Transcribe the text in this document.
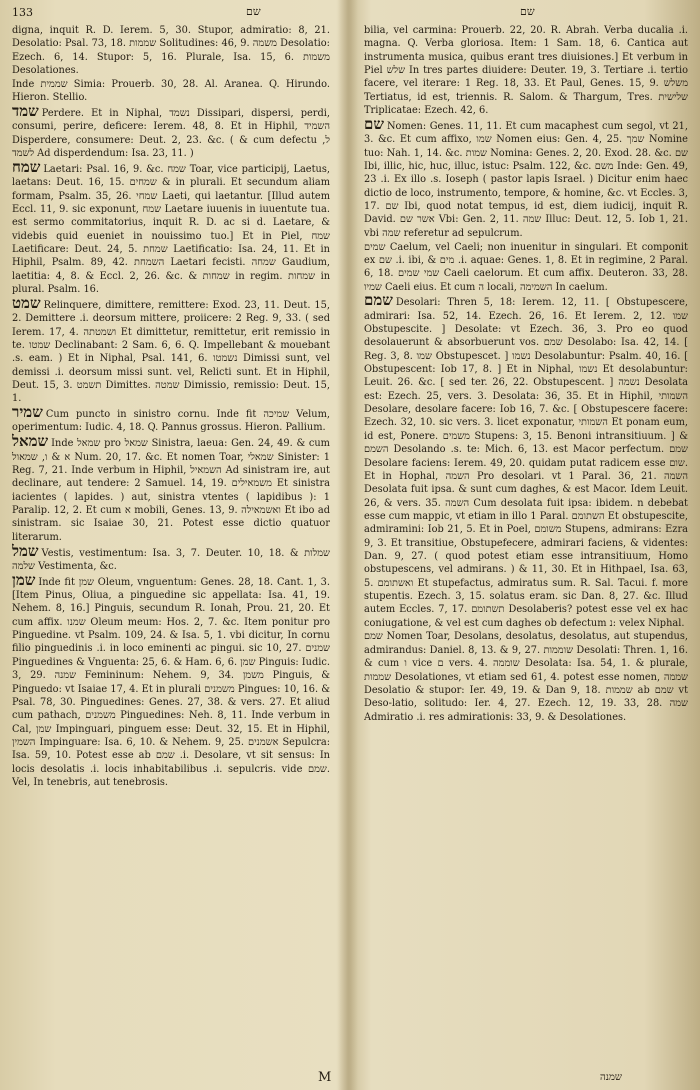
133	שם	שם

digna, inquit R. D. Ierem. 5, 30. Stupor, admiratio: 8, 21. Desolatio: Psal. 73, 18. שממות Solitudines: 46, 9. משמה Desolatio: Ezech. 6, 14. Stupor: 5, 16. Plurale, Isa. 15, 6. משמות Desolationes.

Inde שממית Simia: Prouerb. 30, 28. Al. Aranea. Q. Hirundo. Hieron. Stellio.

שמד Perdere. Et in Niphal, נשמד Dissipari, dispersi, perdi, consumi, perire, deficere: Ierem. 48, 8. Et in Hiphil, השמיד Disperdere, consumere: Deut. 2, 23. &c. ( & cum defectu ל, לשמד Ad disperdendum: Isa. 23, 11. )

שמח Laetari: Psal. 16, 9. &c. שמח Toar, vice participij, Laetus, laetans: Deut. 16, 15. שמחים & in plurali. Et secundum aliam formam, Psalm. 35, 26. שמחי Laeti, qui laetantur. [Illud autem Eccl. 11, 9. sic exponunt, שמח Laetare iuuenis in iuuentute tua. est sermo commitatorius, inquit R. D. ac si d. Laetare, & videbis quid eueniet in nouissimo tuo.] Et in Piel, שמח Laetificare: Deut. 24, 5. שמחת Laetificatio: Isa. 24, 11. Et in Hiphil, Psalm. 89, 42. השמחת Laetari fecisti. שמחה Gaudium, laetitia: 4, 8. & Eccl. 2, 26. &c. & שמחות in regim. שמחות in plural. Psalm. 16.

שמט Relinquere, dimittere, remittere: Exod. 23, 11. Deut. 15, 2. Demittere .i. deorsum mittere, proiicere: 2 Reg. 9, 33. ( sed Ierem. 17, 4. ושמטתה Et dimittetur, remittetur, erit remissio in te. שמטו Declinabant: 2 Sam. 6, 6. Q. Impellebant & mouebant .s. eam. ) Et in Niphal, Psal. 141, 6. נשמטו Dimissi sunt, vel demissi .i. deorsum missi sunt. vel, Relicti sunt. Et in Hiphil, Deut. 15, 3. תשמט Dimittes. שמטה Dimissio, remissio: Deut. 15, 1.

שמיר Cum puncto in sinistro cornu. Inde fit שמיכה Velum, operimentum: Iudic. 4, 18. Q. Pannus grossus. Hieron. Pallium.

שמאל Inde שמאל pro שמאל Sinistra, laeua: Gen. 24, 49. & cum א & ו, שמאול Num. 20, 17. &c. Et nomen Toar, שמאלי Sinister: 1 Reg. 7, 21. Inde verbum in Hiphil, השמאיל Ad sinistram ire, aut declinare, aut tendere: 2 Samuel. 14, 19. משמאילים Et sinistra iacientes ( lapides. ) aut, sinistra vtentes ( lapidibus ): 1 Paralip. 12, 2. Et cum א mobili, Genes. 13, 9. ואשמאילה Et ibo ad sinistram. sic Isaiae 30, 21. Potest esse dictio quatuor literarum.

שמל Vestis, vestimentum: Isa. 3, 7. Deuter. 10, 18. שמלות & שלמה Vestimenta, &c.

שמן Inde fit שמן Oleum, vnguentum: Genes. 28, 18. Cant. 1, 3. [Item Pinus, Oliua, a pinguedine sic appellata: Isa. 41, 19. Nehem. 8, 16.] Pinguis, secundum R. Ionah, Prou. 21, 20. Et cum affix. שמנו Oleum meum: Hos. 2, 7. &c. Item ponitur pro Pinguedine. vt Psalm. 109, 24. & Isa. 5, 1. vbi dicitur, In cornu filio pinguedinis .i. in loco eminenti ac pingui. sic 10, 27. שמנים Pinguedines & Vnguenta: 25, 6. & Ham. 6, 6. שמן Pinguis: Iudic. 3, 29. שמנה Femininum: Nehem. 9, 34. משמן Pinguis, & Pinguedo: vt Isaiae 17, 4. Et in plurali משמנים Pingues: 10, 16. & Psal. 78, 30. Pinguedines: Genes. 27, 38. & vers. 27. Et aliud cum pathach, משמנים Pinguedines: Neh. 8, 11. Inde verbum in Cal, שמן Impinguari, pinguem esse: Deut. 32, 15. Et in Hiphil, השמין Impinguare: Isa. 6, 10. & Nehem. 9, 25. אשמנים Sepulcra: Isa. 59, 10. Potest esse ab שמם .i. Desolare, vt sit sensus: In locis desolatis .i. locis inhabitabilibus .i. sepulcris. vide שמם. Vel, In tenebris, aut tenebrosis.

bilia, vel carmina: Prouerb. 22, 20. R. Abrah. Verba ducalia .i. magna. Q. Verba gloriosa. Item: 1 Sam. 18, 6. Cantica aut instrumenta musica, quibus erant tres diuisiones.] Et verbum in Piel שלש In tres partes diuidere: Deuter. 19, 3. Tertiare .i. tertio facere, vel iterare: 1 Reg. 18, 33. Et Paul, Genes. 15, 9. משלש Tertiatus, id est, triennis. R. Salom. & Thargum, Tres. שלישית Triplicatae: Ezech. 42, 6.

שם Nomen: Genes. 11, 11. Et cum macaphest cum segol, vt 21, 3. &c. Et cum affixo, שמו Nomen eius: Gen. 4, 25. שמך Nomine tuo: Nah. 1, 14. &c. שמות Nomina: Genes. 2, 20. Exod. 28. &c. שם Ibi, illic, hic, huc, illuc, istuc: Psalm. 122, &c. משם Inde: Gen. 49, 23 .i. Ex illo .s. Ioseph ( pastor lapis Israel. ) Dicitur enim haec dictio de loco, instrumento, tempore, & homine, &c. vt Eccles. 3, 17. שם Ibi, quod notat tempus, id est, diem iudicij, inquit R. David. אשר שם Vbi: Gen. 2, 11. שמה Illuc: Deut. 12, 5. Iob 1, 21. vbi שמה referetur ad sepulcrum.

שמים Caelum, vel Caeli; non inuenitur in singulari. Et componit ex שם .i. ibi, & מים .i. aquae: Genes. 1, 8. Et in regimine, 2 Paral. 6, 18. שמי שמים Caeli caelorum. Et cum affix. Deuteron. 33, 28. שמיו Caeli eius. Et cum ה locali, השמימה In caelum.

שמם Desolari: Thren 5, 18: Ierem. 12, 11. [ Obstupescere, admirari: Isa. 52, 14. Ezech. 26, 16. Et Ierem. 2, 12. שמו Obstupescite. ] Desolate: vt Ezech. 36, 3. Pro eo quod desolauerunt & absorbuerunt vos. שמם Desolabo: Isa. 42, 14. [ Reg. 3, 8. שמו Obstupescet. ] נשמו Desolabuntur: Psalm. 40, 16. [ Obstupescent: Iob 17, 8. ] Et in Niphal, נשמו Et desolabuntur: Leuit. 26. &c. [ sed ter. 26, 22. Obstupescent. ] נשמה Desolata est: Ezech. 25, vers. 3. Desolata: 36, 35. Et in Hiphil, השמותי Desolare, desolare facere: Iob 16, 7. &c. [ Obstupescere facere: Ezech. 32, 10. sic vers. 3. licet exponatur, השמותי Et ponam eum, id est, Ponere. משמים Stupens: 3, 15. Benoni intransitiuum. ] & השמם Desolando .s. te: Mich. 6, 13. est Macor perfectum. שמם Desolare faciens: Ierem. 49, 20. quidam putat radicem esse שום. Et in Hophal, השמה Pro desolari. vt 1 Paral. 36, 21. השמה Desolata fuit ipsa. & sunt cum daghes, & est Macor. Idem Leuit. 26, & vers. 35. השמה Cum desolata fuit ipsa: ibidem. n debebat esse cum mappic, vt etiam in illo 1 Paral. השתומם Et obstupescite, admiramini: Iob 21, 5. Et in Poel, משומם Stupens, admirans: Ezra 9, 3. Et transitiue, Obstupefecere, admirari faciens, & videntes: Dan. 9, 27. ( quod potest etiam esse intransitiuum, Homo obstupescens, vel admirans. ) & 11, 30. Et in Hithpael, Isa. 63, 5. ואשתומם Et stupefactus, admiratus sum. R. Sal. Tacui. f. more stupentis. Ezech. 3, 15. solatus eram. sic Dan. 8, 27. &c. Illud autem Eccles. 7, 17. תשתומם Desolaberis? potest esse vel ex hac coniugatione, & vel est cum daghes ob defectum נ: velex Niphal.

שמם Nomen Toar, Desolans, desolatus, desolatus, aut stupendus, admirandus: Daniel. 8, 13. & 9, 27. שוממות Desolati: Thren. 1, 16. & cum ו vice ם vers. 4. שוממה Desolata: Isa. 54, 1. & plurale, שממות Desolationes, vt etiam sed 61, 4. potest esse nomen, שממה Desolatio & stupor: Ier. 49, 19. & Dan 9, 18. שממות ab שמם vt Deso-latio, solitudo: Ier. 4, 27. Ezech. 12, 19. 33, 28. שמה Admiratio .i. res admirationis: 33, 9. & Desolationes.

M	שמנה
